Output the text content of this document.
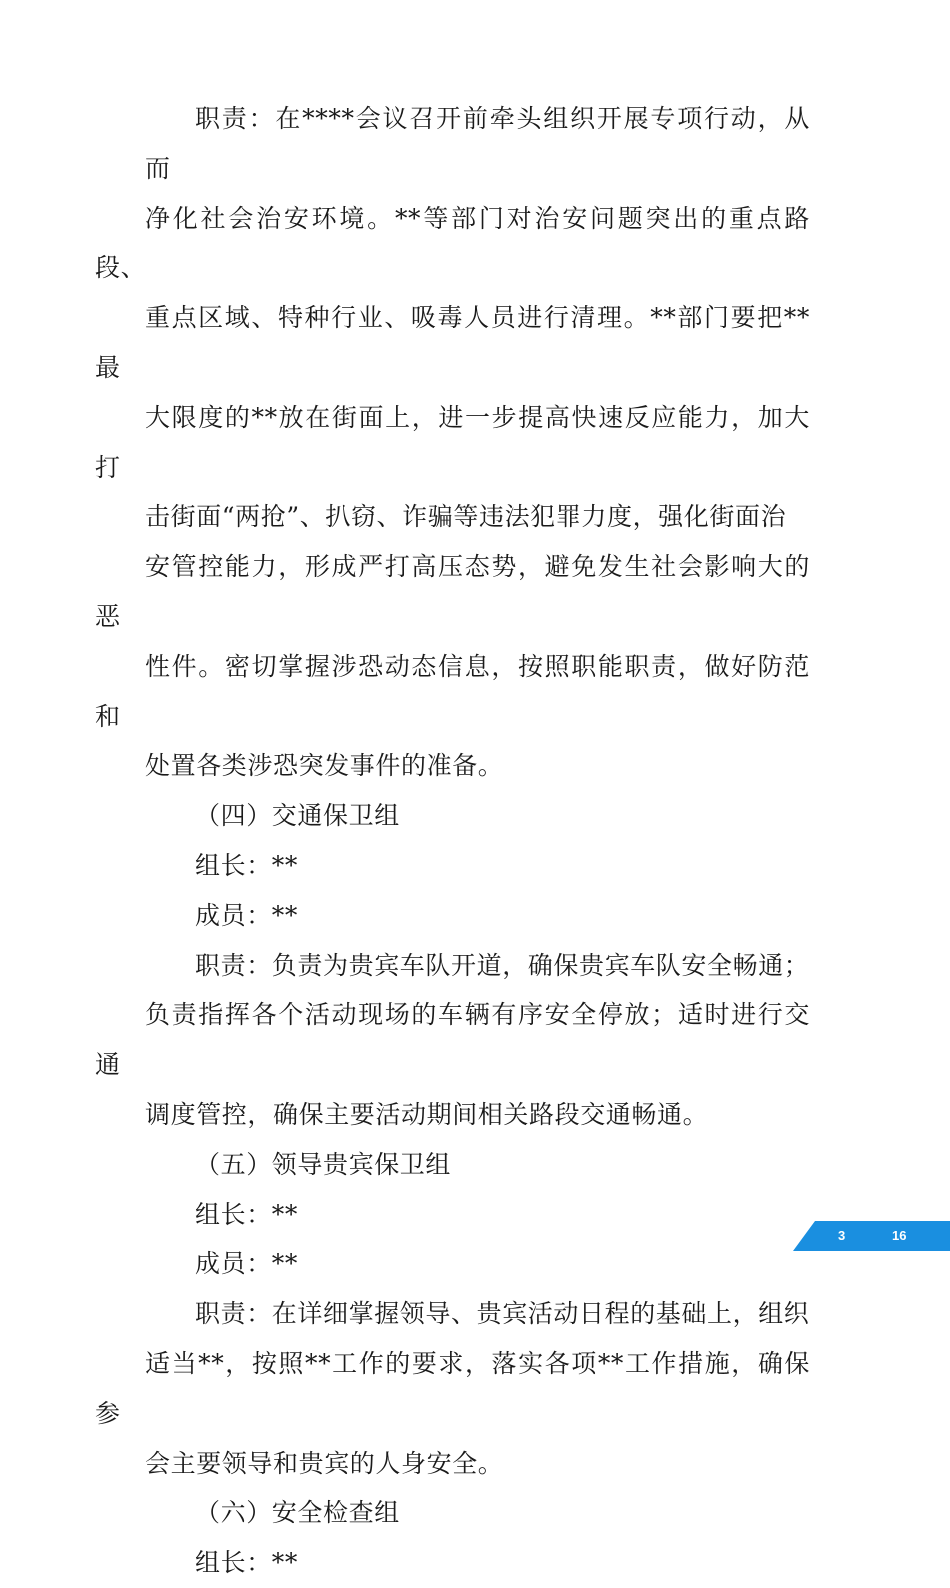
职责：在****会议召开前牵头组织开展专项行动，从而
净化社会治安环境。**等部门对治安问题突出的重点路段、
重点区域、特种行业、吸毒人员进行清理。**部门要把**最
大限度的**放在街面上，进一步提高快速反应能力，加大打
击街面“两抢”、扒窃、诈骗等违法犯罪力度，强化街面治
安管控能力，形成严打高压态势，避免发生社会影响大的恶
性件。密切掌握涉恐动态信息，按照职能职责，做好防范和
处置各类涉恐突发事件的准备。

（四）交通保卫组

组长：**

成员：**

职责：负责为贵宾车队开道，确保贵宾车队安全畅通；
负责指挥各个活动现场的车辆有序安全停放；适时进行交通
调度管控，确保主要活动期间相关路段交通畅通。

（五）领导贵宾保卫组

组长：**

成员：**

职责：在详细掌握领导、贵宾活动日程的基础上，组织
适当**，按照**工作的要求，落实各项**工作措施，确保参
会主要领导和贵宾的人身安全。

（六）安全检查组

组长：**

3	16
